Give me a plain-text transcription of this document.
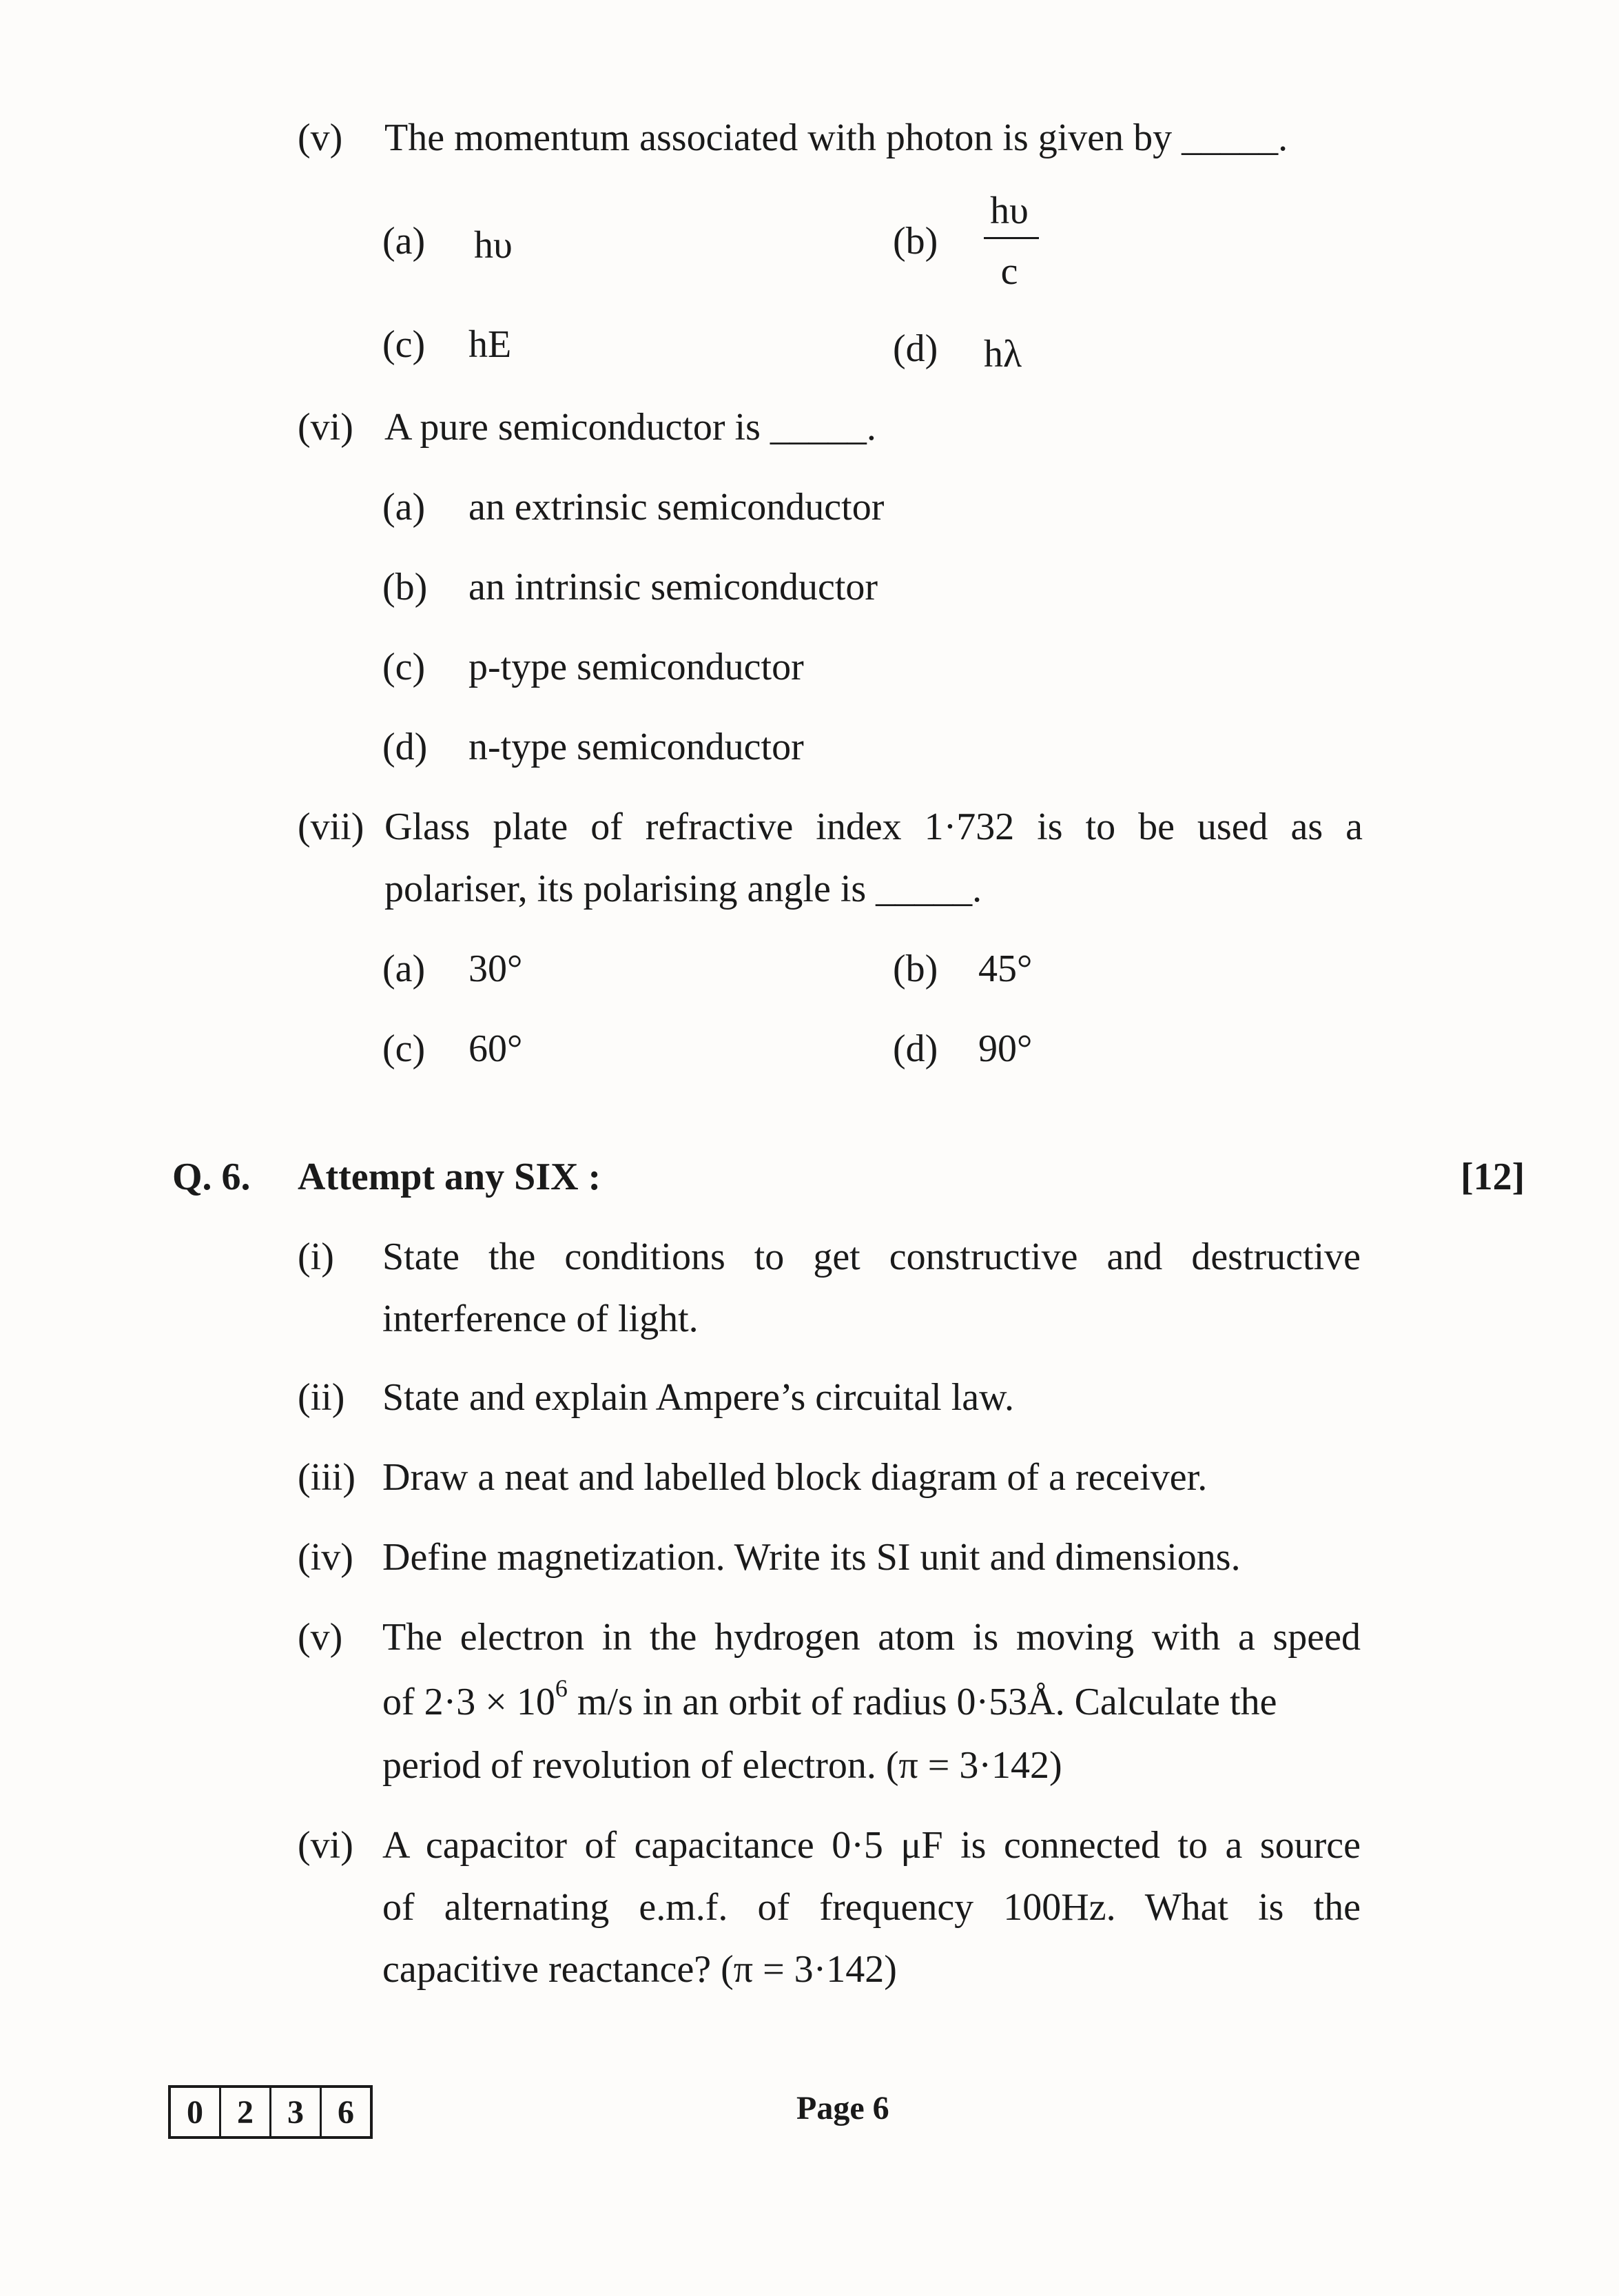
(v) The momentum associated with photon is given by _____.
(a) hυ	(b)
hυ
c
(c) hE	(d) hλ
(vi) A pure semiconductor is _____.
(a) an extrinsic semiconductor
(b) an intrinsic semiconductor
(c) p-type semiconductor
(d) n-type semiconductor
(vii) Glass plate of refractive index 1·732 is to be used as a
polariser, its polarising angle is _____.
(a) 30°	(b) 45°
(c) 60°	(d) 90°
Q. 6. Attempt any SIX :	[12]
(i) State the conditions to get constructive and destructive
interference of light.
(ii) State and explain Ampere’s circuital law.
(iii) Draw a neat and labelled block diagram of a receiver.
(iv) Define magnetization. Write its SI unit and dimensions.
(v) The electron in the hydrogen atom is moving with a speed
of $2\cdot 3 \times 10^6$ m/s in an orbit of radius 0·53Å. Calculate the
period of revolution of electron. (π = 3·142)
(vi) A capacitor of capacitance 0·5 μF is connected to a source
of alternating e.m.f. of frequency 100Hz. What is the
capacitive reactance? (π = 3·142)
0	2	3	6	Page 6
